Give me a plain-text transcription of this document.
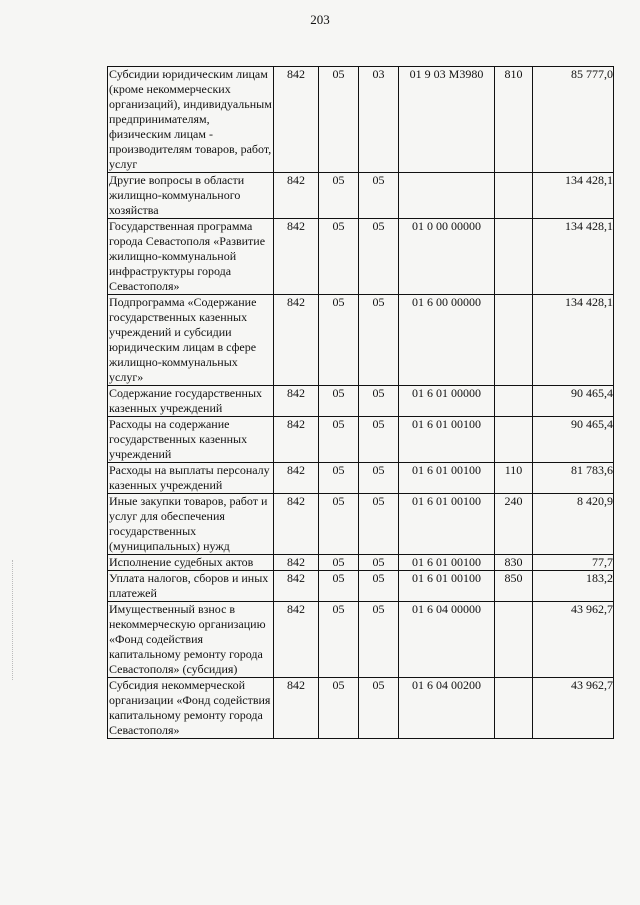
203
Субсидии юридическим лицам (кроме некоммерческих организаций), индивидуальным предпринимателям, физическим лицам - производителям товаров, работ, услуг	842	05	03	01 9 03 М3980	810	85 777,0
Другие вопросы в области жилищно-коммунального хозяйства	842	05	05			134 428,1
Государственная программа города Севастополя «Развитие жилищно-коммунальной инфраструктуры города Севастополя»	842	05	05	01 0 00 00000		134 428,1
Подпрограмма «Содержание государственных казенных учреждений и субсидии юридическим лицам в сфере жилищно-коммунальных услуг»	842	05	05	01 6 00 00000		134 428,1
Содержание государственных казенных учреждений	842	05	05	01 6 01 00000		90 465,4
Расходы на содержание государственных казенных учреждений	842	05	05	01 6 01 00100		90 465,4
Расходы на выплаты персоналу казенных учреждений	842	05	05	01 6 01 00100	110	81 783,6
Иные закупки товаров, работ и услуг для обеспечения государственных (муниципальных) нужд	842	05	05	01 6 01 00100	240	8 420,9
Исполнение судебных актов	842	05	05	01 6 01 00100	830	77,7
Уплата налогов, сборов и иных платежей	842	05	05	01 6 01 00100	850	183,2
Имущественный взнос в некоммерческую организацию «Фонд содействия капитальному ремонту города Севастополя» (субсидия)	842	05	05	01 6 04 00000		43 962,7
Субсидия некоммерческой организации «Фонд содействия капитальному ремонту города Севастополя»	842	05	05	01 6 04 00200		43 962,7
